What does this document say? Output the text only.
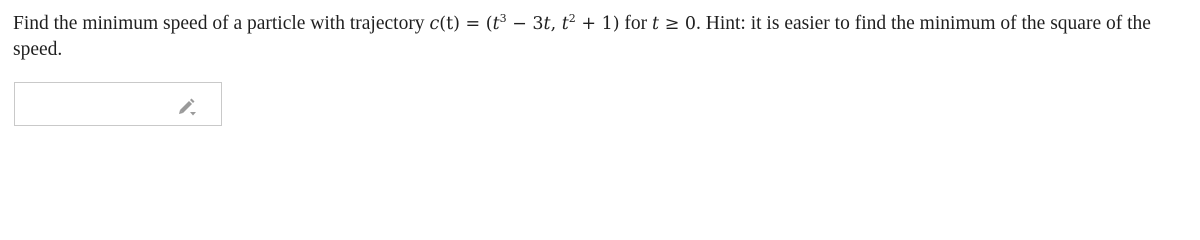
Find the minimum speed of a particle with trajectory $c(t) = (t^3 - 3t$, $t^2 + 1$) for t ≥ 0. Hint: it is easier to find the minimum of the square of the speed.
